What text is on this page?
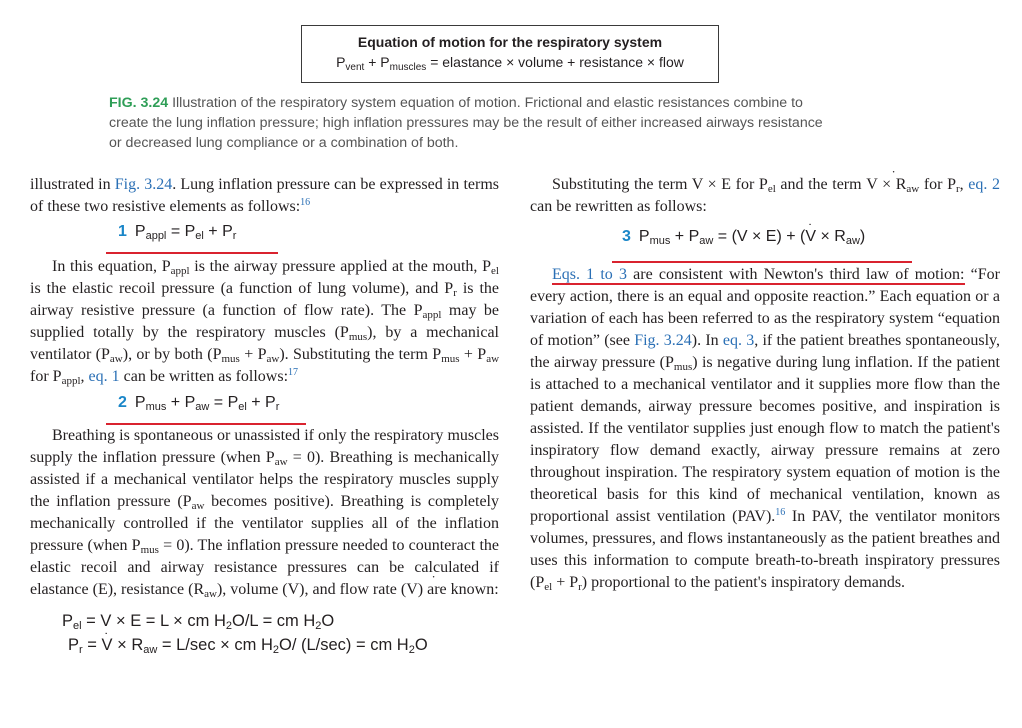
Equation of motion for the respiratory system
$P_{vent} + P_{muscles}$ = elastance × volume + resistance × flow
FIG. 3.24 Illustration of the respiratory system equation of motion. Frictional and elastic resistances combine to create the lung inflation pressure; high inflation pressures may be the result of either increased airways resistance or decreased lung compliance or a combination of both.

illustrated in Fig. 3.24. Lung inflation pressure can be expressed in terms of these two resistive elements as follows:$^{16}$

1 $P_{appl} = P_{el} + P_r$

In this equation, $P_{appl}$ is the airway pressure applied at the mouth, $P_{el}$ is the elastic recoil pressure (a function of lung volume), and $P_r$ is the airway resistive pressure (a function of flow rate). The $P_{appl}$ may be supplied totally by the respiratory muscles $(P_{mus})$, by a mechanical ventilator $(P_{aw})$, or by both $(P_{mus} + P_{aw})$. Substituting the term $P_{mus} + P_{aw}$ for $P_{appl}$, eq. 1 can be written as follows:$^{17}$

2 $P_{mus} + P_{aw} = P_{el} + P_r$

Breathing is spontaneous or unassisted if only the respiratory muscles supply the inflation pressure (when $P_{aw} = 0$). Breathing is mechanically assisted if a mechanical ventilator helps the respiratory muscles supply the inflation pressure ($P_{aw}$ becomes positive). Breathing is completely mechanically controlled if the ventilator supplies all of the inflation pressure (when $P_{mus} = 0$). The inflation pressure needed to counteract the elastic recoil and airway resistance pressures can be calculated if elastance (E), resistance $(R_{aw})$, volume (V), and flow rate (˙ V) are known:

$P_{el} = V \times E = L$ × cm $H_2O/L$ = cm $H_2O$
$P_r$ = ˙ $V \times R_{aw} = L/\sec$ × cm $H_2O/$ (L/sec) = cm $H_2O$

Substituting the term V × E for $P_{el}$ and the term ˙ $V \times R_{aw}$ for $P_r$, eq. 2 can be rewritten as follows:

3 $P_{mus} + P_{aw} = (V \times E)$ + (˙ $V \times R_{aw}$)

Eqs. 1 to 3 are consistent with Newton's third law of motion: “For every action, there is an equal and opposite reaction.” Each equation or a variation of each has been referred to as the respiratory system “equation of motion” (see Fig. 3.24). In eq. 3, if the patient breathes spontaneously, the airway pressure $(P_{mus})$ is negative during lung inflation. If the patient is attached to a mechanical ventilator and it supplies more flow than the patient demands, airway pressure becomes positive, and inspiration is assisted. If the ventilator supplies just enough flow to match the patient's inspiratory flow demand exactly, airway pressure remains at zero throughout inspiration. The respiratory system equation of motion is the theoretical basis for this kind of mechanical ventilation, known as proportional assist ventilation (PAV).$^{16}$ In PAV, the ventilator monitors volumes, pressures, and flows instantaneously as the patient breathes and uses this information to compute breath-to-breath inspiratory pressures $(P_{el} + P_r)$ proportional to the patient's inspiratory demands.
